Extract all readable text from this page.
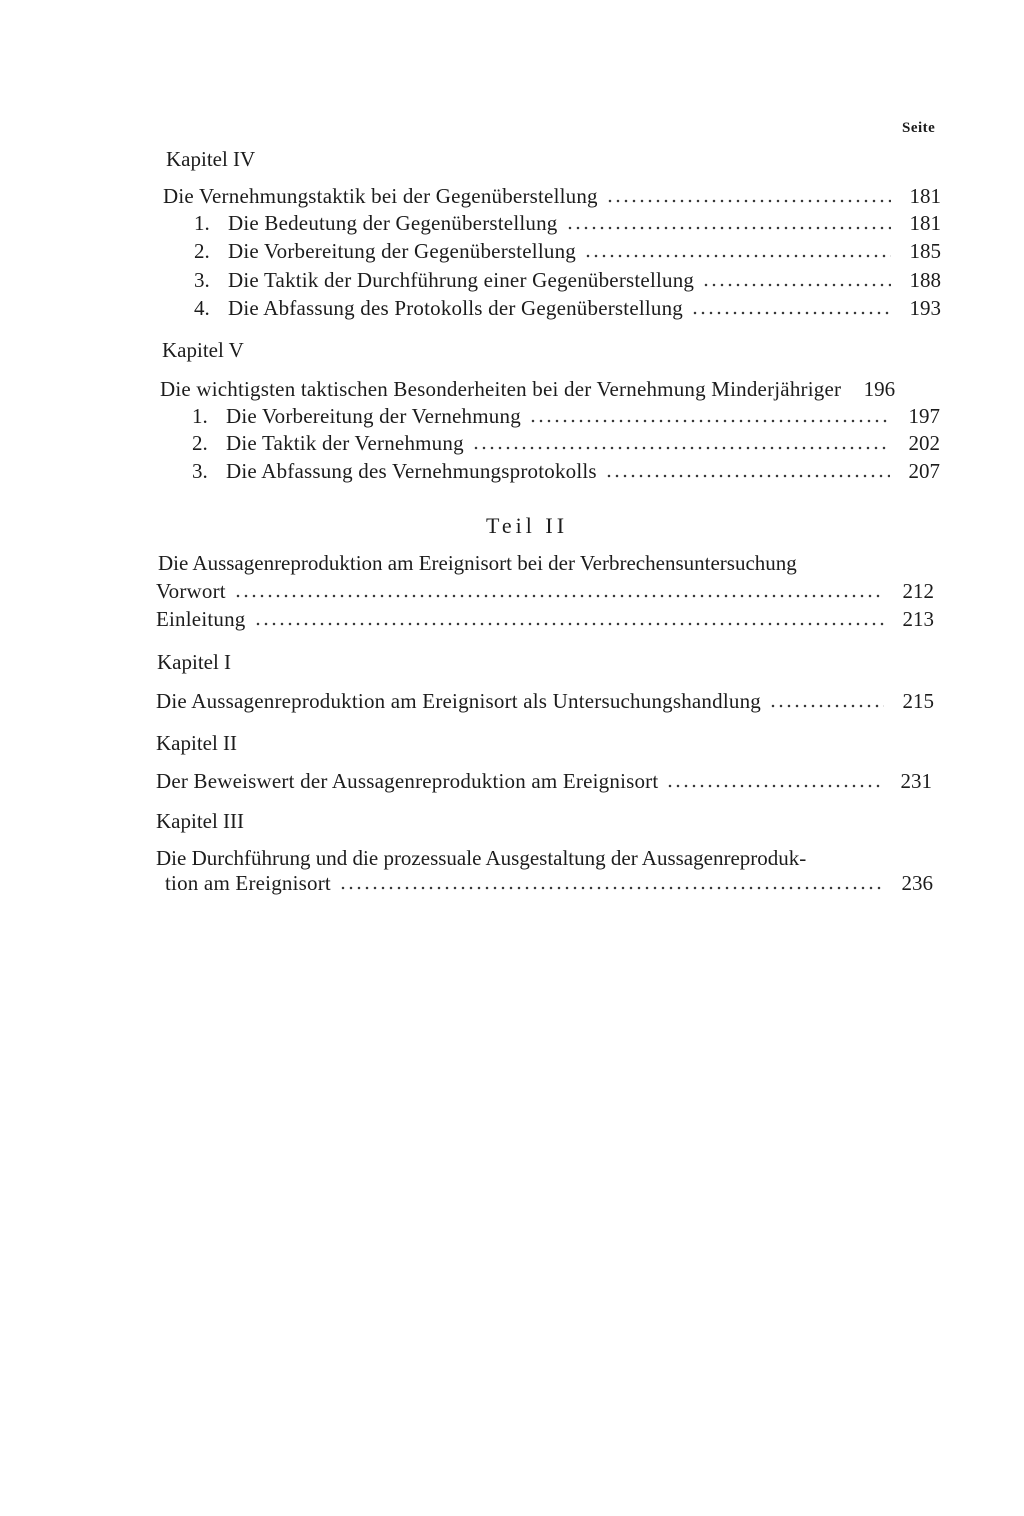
Seite
Kapitel IV
Die Vernehmungstaktik bei der Gegenüberstellung	181
1. Die Bedeutung der Gegenüberstellung	181
2. Die Vorbereitung der Gegenüberstellung	185
3. Die Taktik der Durchführung einer Gegenüberstellung	188
4. Die Abfassung des Protokolls der Gegenüberstellung	193
Kapitel V
Die wichtigsten taktischen Besonderheiten bei der Vernehmung Minderjähriger	196
1. Die Vorbereitung der Vernehmung	197
2. Die Taktik der Vernehmung	202
3. Die Abfassung des Vernehmungsprotokolls	207
Teil II
Die Aussagenreproduktion am Ereignisort bei der Verbrechensuntersuchung
Vorwort	212
Einleitung	213
Kapitel I
Die Aussagenreproduktion am Ereignisort als Untersuchungshandlung	215
Kapitel II
Der Beweiswert der Aussagenreproduktion am Ereignisort	231
Kapitel III
Die Durchführung und die prozessuale Ausgestaltung der Aussagenreproduk-
tion am Ereignisort	236
